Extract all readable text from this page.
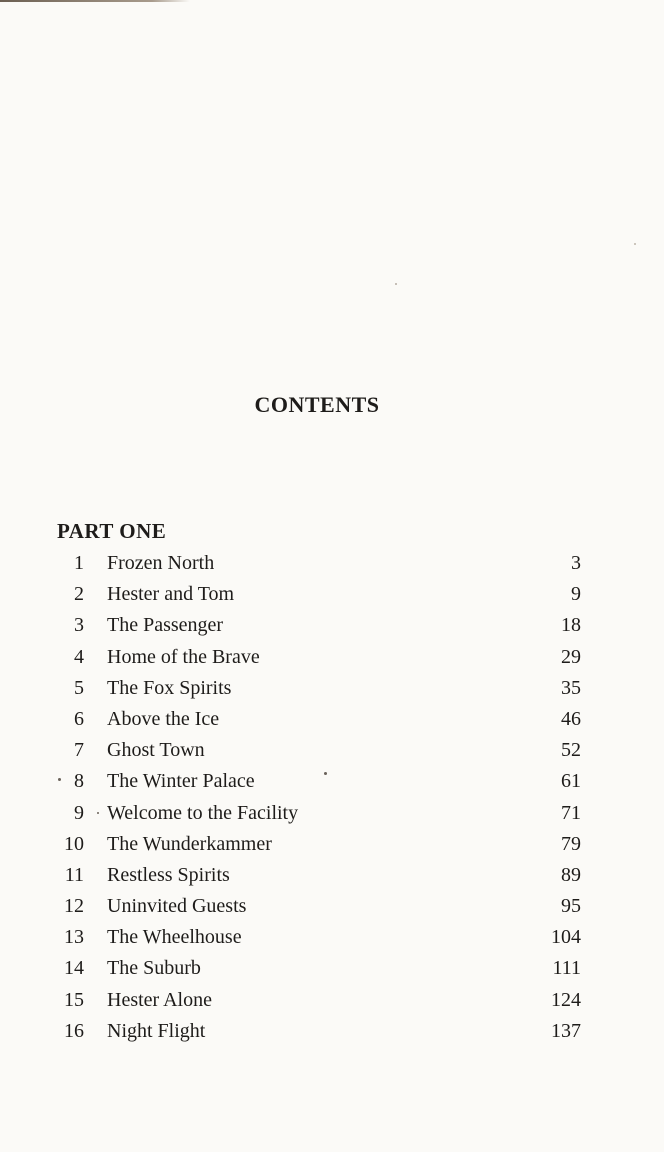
CONTENTS
PART ONE
1 Frozen North	3
2 Hester and Tom	9
3 The Passenger	18
4 Home of the Brave	29
5 The Fox Spirits	35
6 Above the Ice	46
7 Ghost Town	52
8 The Winter Palace	61
9 Welcome to the Facility	71
10 The Wunderkammer	79
11 Restless Spirits	89
12 Uninvited Guests	95
13 The Wheelhouse	104
14 The Suburb	111
15 Hester Alone	124
16 Night Flight	137
